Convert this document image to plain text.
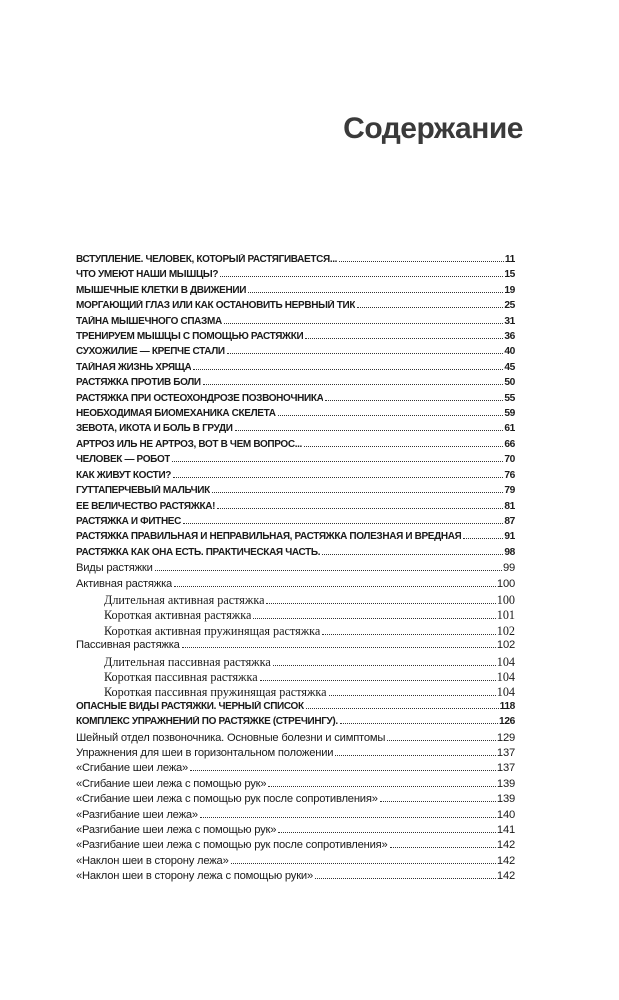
Содержание
ВСТУПЛЕНИЕ. ЧЕЛОВЕК, КОТОРЫЙ РАСТЯГИВАЕТСЯ...	11
ЧТО УМЕЮТ НАШИ МЫШЦЫ?	15
МЫШЕЧНЫЕ КЛЕТКИ В ДВИЖЕНИИ	19
МОРГАЮЩИЙ ГЛАЗ ИЛИ КАК ОСТАНОВИТЬ НЕРВНЫЙ ТИК	25
ТАЙНА МЫШЕЧНОГО СПАЗМА	31
ТРЕНИРУЕМ МЫШЦЫ С ПОМОЩЬЮ РАСТЯЖКИ	36
СУХОЖИЛИЕ — КРЕПЧЕ СТАЛИ	40
ТАЙНАЯ ЖИЗНЬ ХРЯЩА	45
РАСТЯЖКА ПРОТИВ БОЛИ	50
РАСТЯЖКА ПРИ ОСТЕОХОНДРОЗЕ ПОЗВОНОЧНИКА	55
НЕОБХОДИМАЯ БИОМЕХАНИКА СКЕЛЕТА	59
ЗЕВОТА, ИКОТА И БОЛЬ В ГРУДИ	61
АРТРОЗ ИЛЬ НЕ АРТРОЗ, ВОТ В ЧЕМ ВОПРОС...	66
ЧЕЛОВЕК — РОБОТ	70
КАК ЖИВУТ КОСТИ?	76
ГУТТАПЕРЧЕВЫЙ МАЛЬЧИК	79
ЕЕ ВЕЛИЧЕСТВО РАСТЯЖКА!	81
РАСТЯЖКА И ФИТНЕС	87
РАСТЯЖКА ПРАВИЛЬНАЯ И НЕПРАВИЛЬНАЯ, РАСТЯЖКА ПОЛЕЗНАЯ И ВРЕДНАЯ	91
РАСТЯЖКА КАК ОНА ЕСТЬ. ПРАКТИЧЕСКАЯ ЧАСТЬ.	98
Виды растяжки	99
Активная растяжка	100
Длительная активная растяжка	100
Короткая активная растяжка	101
Короткая активная пружинящая растяжка	102
Пассивная растяжка	102
Длительная пассивная растяжка	104
Короткая пассивная растяжка	104
Короткая пассивная пружинящая растяжка	104
ОПАСНЫЕ ВИДЫ РАСТЯЖКИ. ЧЕРНЫЙ СПИСОК	118
КОМПЛЕКС УПРАЖНЕНИЙ ПО РАСТЯЖКЕ (СТРЕЧИНГУ).	126
Шейный отдел позвоночника. Основные болезни и симптомы	129
Упражнения для шеи в горизонтальном положении	137
«Сгибание шеи лежа»	137
«Сгибание шеи лежа с помощью рук»	139
«Сгибание шеи лежа с помощью рук после сопротивления»	139
«Разгибание шеи лежа»	140
«Разгибание шеи лежа с помощью рук»	141
«Разгибание шеи лежа с помощью рук после сопротивления»	142
«Наклон шеи в сторону лежа»	142
«Наклон шеи в сторону лежа с помощью руки»	142
